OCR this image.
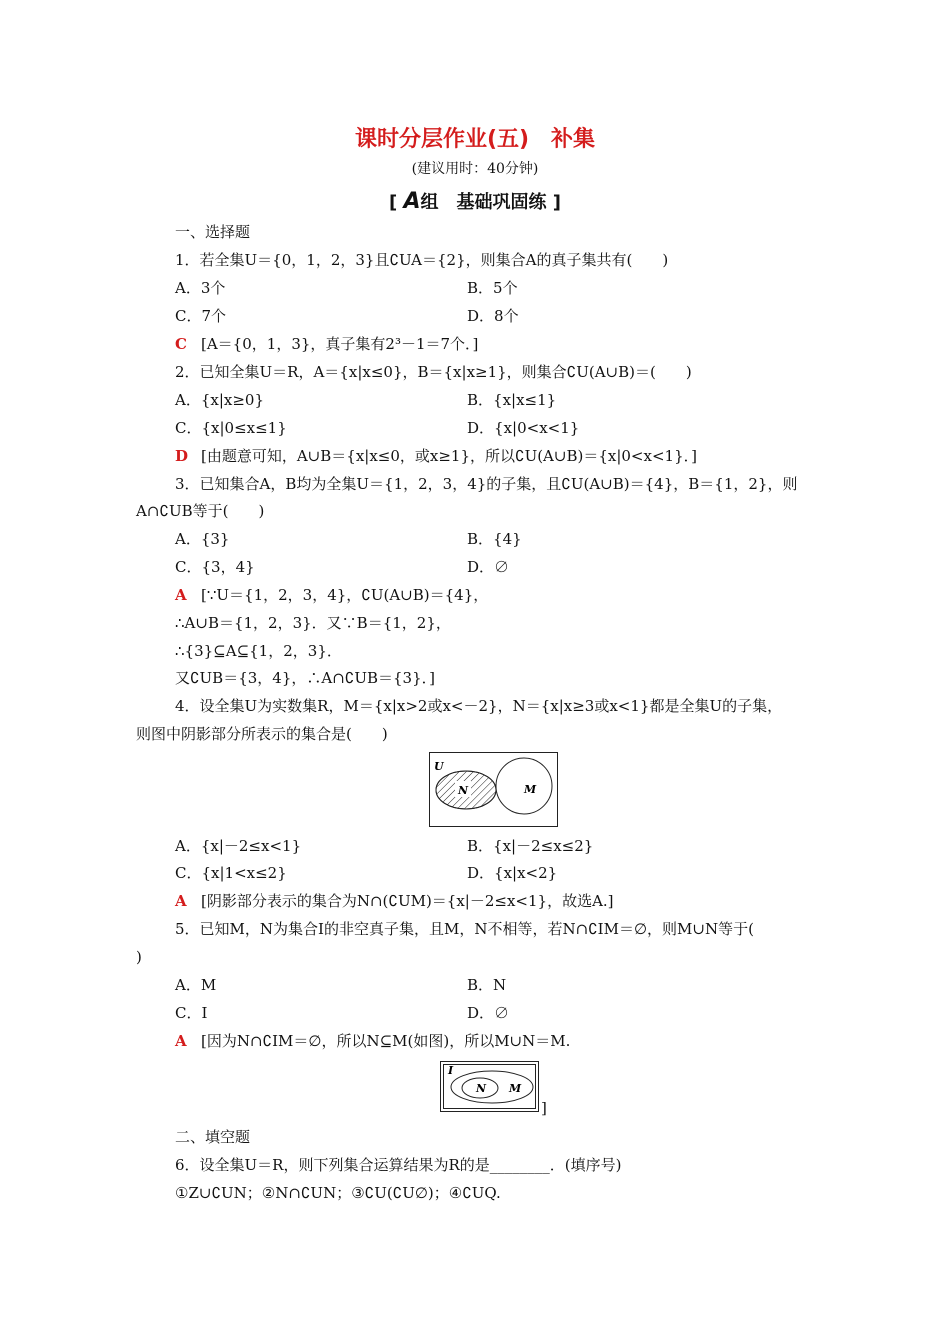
课时分层作业(五)　补集
(建议用时：40分钟)
[ A组　基础巩固练 ]
一、选择题
1．若全集U＝{0，1，2，3}且∁UA＝{2}，则集合A的真子集共有(　　)
A．3个	B．5个
C．7个	D．8个
C [A＝{0，1，3}，真子集有2³－1＝7个．]
2．已知全集U＝R，A＝{x|x≤0}，B＝{x|x≥1}，则集合∁U(A∪B)＝(　　)
A．{x|x≥0}	B．{x|x≤1}
C．{x|0≤x≤1}	D．{x|0<x<1}
D [由题意可知，A∪B＝{x|x≤0，或x≥1}，所以∁U(A∪B)＝{x|0<x<1}．]
3．已知集合A，B均为全集U＝{1，2，3，4}的子集，且∁U(A∪B)＝{4}，B＝{1，2}，则
A∩∁UB等于(　　)
A．{3}	B．{4}
C．{3，4}	D．∅
A [∵U＝{1，2，3，4}，∁U(A∪B)＝{4}，
∴A∪B＝{1，2，3}．又∵B＝{1，2}，
∴{3}⊆A⊆{1，2，3}．
又∁UB＝{3，4}，∴A∩∁UB＝{3}．]
4．设全集U为实数集R，M＝{x|x>2或x<－2}，N＝{x|x≥3或x<1}都是全集U的子集，
则图中阴影部分所表示的集合是(　　)
U
N	M
A．{x|－2≤x<1}	B．{x|－2≤x≤2}
C．{x|1<x≤2}	D．{x|x<2}
A [阴影部分表示的集合为N∩(∁UM)＝{x|－2≤x<1}，故选A.]
5．已知M，N为集合I的非空真子集，且M，N不相等，若N∩∁IM＝∅，则M∪N等于(
)
A．M	B．N
C．I	D．∅
A [因为N∩∁IM＝∅，所以N⊆M(如图)，所以M∪N＝M.
I
N M
]
二、填空题
6．设全集U＝R，则下列集合运算结果为R的是________．(填序号)
①Z∪∁UN；②N∩∁UN；③∁U(∁U∅)；④∁UQ.
